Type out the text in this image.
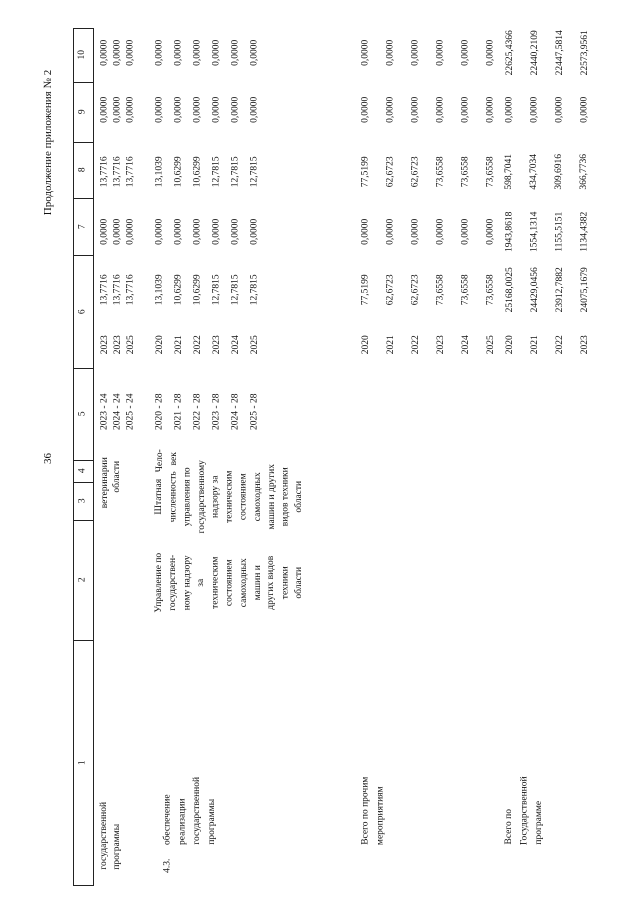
36
Продолжение приложения № 2
1
2
3
4
5
6
7
8
9
10
государственной программы
ветеринарии области
2023 - 24
2023
13,7716
0,0000
13,7716
0,0000
0,0000
2024 - 24
2023
13,7716
0,0000
13,7716
0,0000
0,0000
2025 - 24
2025
13,7716
0,0000
13,7716
0,0000
0,0000
4.3.
обеспечение реализации государственной программы
Управление по государствен- ному надзору за техническим состоянием самоходных машин и других видов техники области
Штатная численность управления по государственному надзору за техническим состоянием самоходных машин и других видов техники области
Чело- век
2020 - 28
2020
13,1039
0,0000
13,1039
0,0000
0,0000
2021 - 28
2021
10,6299
0,0000
10,6299
0,0000
0,0000
2022 - 28
2022
10,6299
0,0000
10,6299
0,0000
0,0000
2023 - 28
2023
12,7815
0,0000
12,7815
0,0000
0,0000
2024 - 28
2024
12,7815
0,0000
12,7815
0,0000
0,0000
2025 - 28
2025
12,7815
0,0000
12,7815
0,0000
0,0000
Всего по прочим мероприятиям
2020
77,5199
0,0000
77,5199
0,0000
0,0000
2021
62,6723
0,0000
62,6723
0,0000
0,0000
2022
62,6723
0,0000
62,6723
0,0000
0,0000
2023
73,6558
0,0000
73,6558
0,0000
0,0000
2024
73,6558
0,0000
73,6558
0,0000
0,0000
2025
73,6558
0,0000
73,6558
0,0000
0,0000
Всего по Государственной программе
2020
25168,0025
1943,8618
598,7041
0,0000
22625,4366
2021
24429,0456
1554,1314
434,7034
0,0000
22440,2109
2022
23912,7882
1155,5151
309,6916
0,0000
22447,5814
2023
24075,1679
1134,4382
366,7736
0,0000
22573,9561
